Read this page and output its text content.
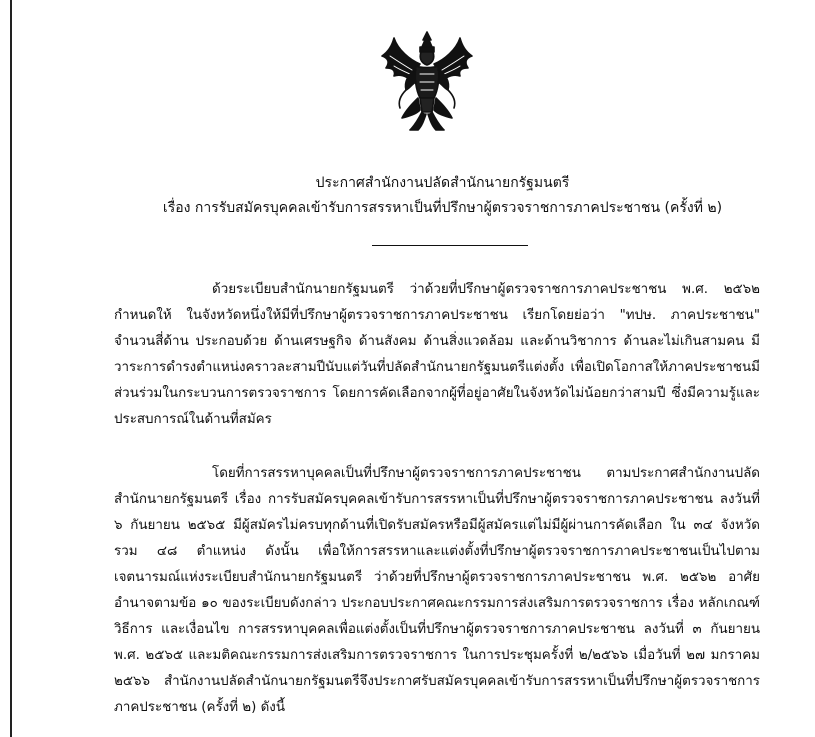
ประกาศสำนักงานปลัดสำนักนายกรัฐมนตรี
เรื่อง การรับสมัครบุคคลเข้ารับการสรรหาเป็นที่ปรึกษาผู้ตรวจราชการภาคประชาชน (ครั้งที่ ๒)

ด้วยระเบียบสำนักนายกรัฐมนตรี ว่าด้วยที่ปรึกษาผู้ตรวจราชการภาคประชาชน พ.ศ. ๒๕๖๒ กำหนดให้ ในจังหวัดหนึ่งให้มีที่ปรึกษาผู้ตรวจราชการภาคประชาชน เรียกโดยย่อว่า "ทปษ. ภาคประชาชน" จำนวนสี่ด้าน ประกอบด้วย ด้านเศรษฐกิจ ด้านสังคม ด้านสิ่งแวดล้อม และด้านวิชาการ ด้านละไม่เกินสามคน มีวาระการดำรงตำแหน่งคราวละสามปีนับแต่วันที่ปลัดสำนักนายกรัฐมนตรีแต่งตั้ง เพื่อเปิดโอกาสให้ภาคประชาชนมีส่วนร่วมในกระบวนการตรวจราชการ โดยการคัดเลือกจากผู้ที่อยู่อาศัยในจังหวัดไม่น้อยกว่าสามปี ซึ่งมีความรู้และประสบการณ์ในด้านที่สมัคร

โดยที่การสรรหาบุคคลเป็นที่ปรึกษาผู้ตรวจราชการภาคประชาชน ตามประกาศสำนักงานปลัดสำนักนายกรัฐมนตรี เรื่อง การรับสมัครบุคคลเข้ารับการสรรหาเป็นที่ปรึกษาผู้ตรวจราชการภาคประชาชน ลงวันที่ ๖ กันยายน ๒๕๖๕ มีผู้สมัครไม่ครบทุกด้านที่เปิดรับสมัครหรือมีผู้สมัครแต่ไม่มีผู้ผ่านการคัดเลือก ใน ๓๔ จังหวัด รวม ๔๘ ตำแหน่ง ดังนั้น เพื่อให้การสรรหาและแต่งตั้งที่ปรึกษาผู้ตรวจราชการภาคประชาชนเป็นไปตามเจตนารมณ์แห่งระเบียบสำนักนายกรัฐมนตรี ว่าด้วยที่ปรึกษาผู้ตรวจราชการภาคประชาชน พ.ศ. ๒๕๖๒ อาศัยอำนาจตามข้อ ๑๐ ของระเบียบดังกล่าว ประกอบประกาศคณะกรรมการส่งเสริมการตรวจราชการ เรื่อง หลักเกณฑ์ วิธีการ และเงื่อนไข การสรรหาบุคคลเพื่อแต่งตั้งเป็นที่ปรึกษาผู้ตรวจราชการภาคประชาชน ลงวันที่ ๓ กันยายน พ.ศ. ๒๕๖๕ และมติคณะกรรมการส่งเสริมการตรวจราชการ ในการประชุมครั้งที่ ๒/๒๕๖๖ เมื่อวันที่ ๒๗ มกราคม ๒๕๖๖ สำนักงานปลัดสำนักนายกรัฐมนตรีจึงประกาศรับสมัครบุคคลเข้ารับการสรรหาเป็นที่ปรึกษาผู้ตรวจราชการภาคประชาชน (ครั้งที่ ๒) ดังนี้
